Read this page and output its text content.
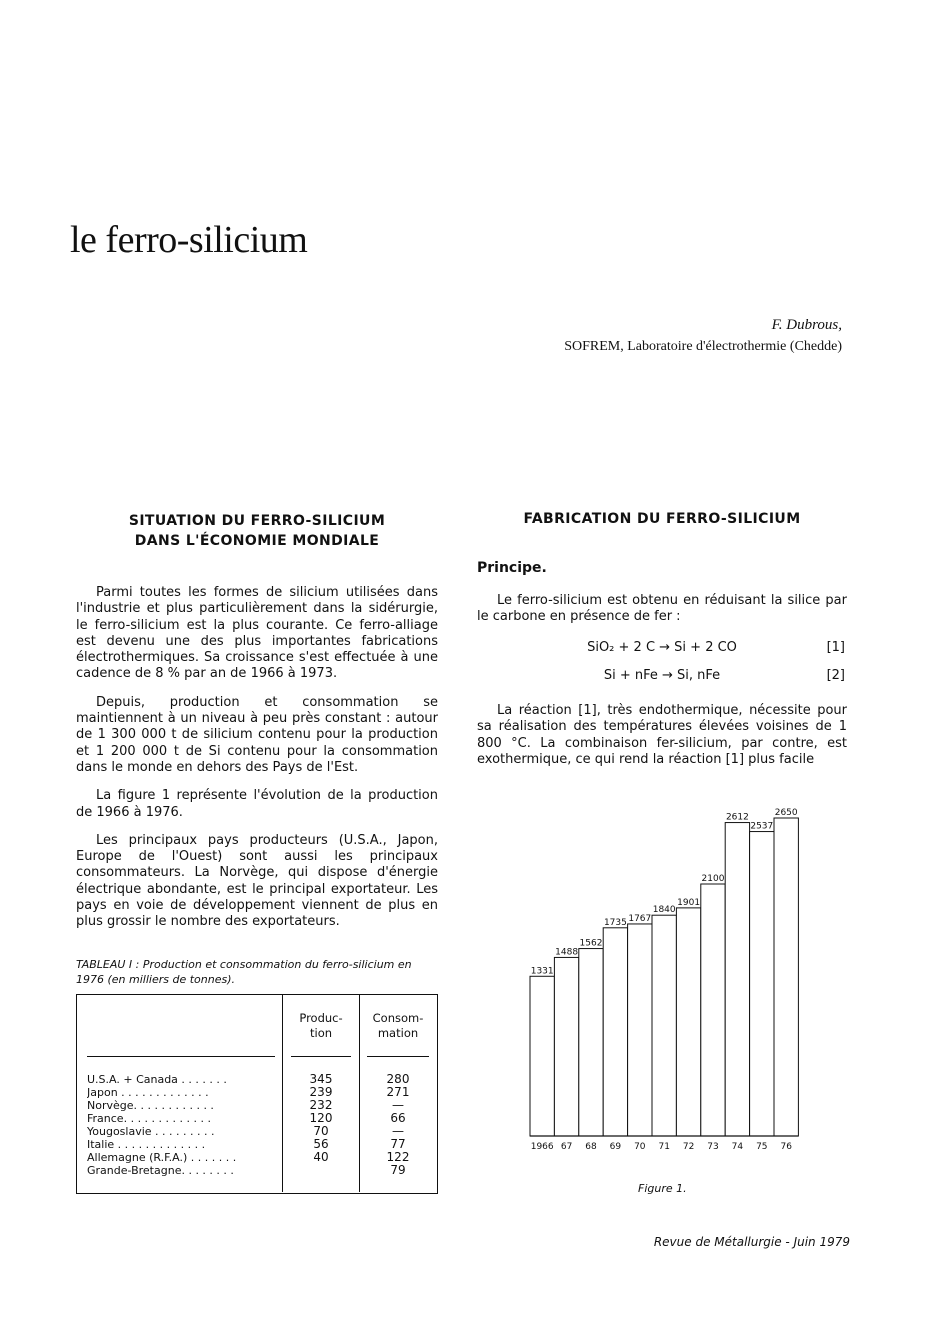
le ferro-silicium
F. Dubrous,
SOFREM, Laboratoire d'électrothermie (Chedde)
SITUATION DU FERRO-SILICIUM
DANS L'ÉCONOMIE MONDIALE

Parmi toutes les formes de silicium utilisées dans l'industrie et plus particulièrement dans la sidérurgie, le ferro-silicium est la plus courante. Ce ferro-alliage est devenu une des plus importantes fabrications électrothermiques. Sa croissance s'est effectuée à une cadence de 8 % par an de 1966 à 1973.

Depuis, production et consommation se maintiennent à un niveau à peu près constant : autour de 1 300 000 t de silicium contenu pour la production et 1 200 000 t de Si contenu pour la consommation dans le monde en dehors des Pays de l'Est.

La figure 1 représente l'évolution de la production de 1966 à 1976.

Les principaux pays producteurs (U.S.A., Japon, Europe de l'Ouest) sont aussi les principaux consommateurs. La Norvège, qui dispose d'énergie électrique abondante, est le principal exportateur. Les pays en voie de développement viennent de plus en plus grossir le nombre des exportateurs.

TABLEAU I : Production et consommation du ferro-silicium en 1976 (en milliers de tonnes).
Produc-
tion
Consom-
mation
U.S.A. + Canada . . . . . . .
Japon . . . . . . . . . . . . .
Norvège. . . . . . . . . . . .
France. . . . . . . . . . . . .
Yougoslavie . . . . . . . . .
Italie . . . . . . . . . . . . .
Allemagne (R.F.A.) . . . . . . .
Grande-Bretagne. . . . . . . .
345
239
232
120
70
56
40

280
271
—
66
—
77
122
79
FABRICATION DU FERRO-SILICIUM
Principe.

Le ferro-silicium est obtenu en réduisant la silice par le carbone en présence de fer :

SiO₂ + 2 C → Si + 2 CO	[1]
Si + nFe → Si, nFe	[2]

La réaction [1], très endothermique, nécessite pour sa réalisation des températures élevées voisines de 1 800 °C. La combinaison fer-silicium, par contre, est exothermique, ce qui rend la réaction [1] plus facile

1331
1966
1488
67
1562
68
1735
69
1767
70
1840
71
1901
72
2100
73
2612
74
2537
75
2650
76
Figure 1.
Revue de Métallurgie - Juin 1979
